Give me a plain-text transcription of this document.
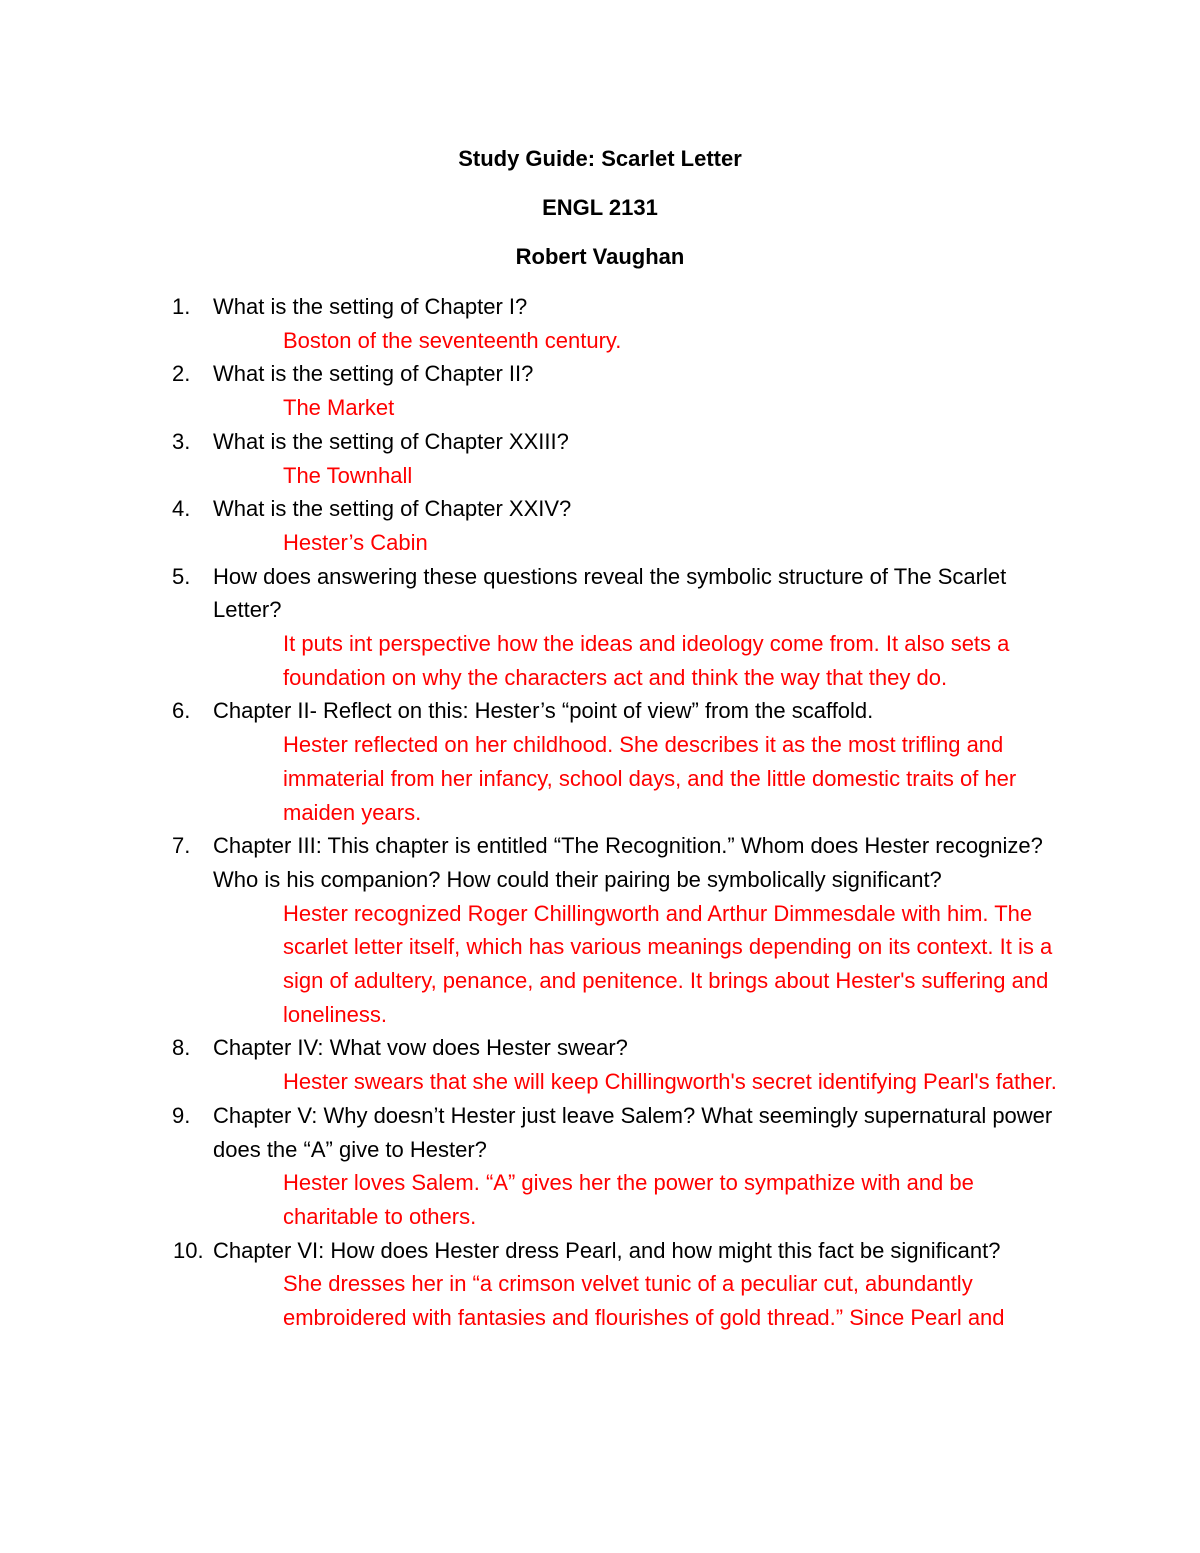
Study Guide: Scarlet Letter
ENGL 2131
Robert Vaughan
1.	What is the setting of Chapter I?
Boston of the seventeenth century.
2.	What is the setting of Chapter II?
The Market
3.	What is the setting of Chapter XXIII?
The Townhall
4.	What is the setting of Chapter XXIV?
Hester’s Cabin
5.	How does answering these questions reveal the symbolic structure of The Scarlet Letter?
It puts int perspective how the ideas and ideology come from. It also sets a foundation on why the characters act and think the way that they do.
6.	Chapter II- Reflect on this: Hester’s “point of view” from the scaffold.
Hester reflected on her childhood. She describes it as the most trifling and immaterial from her infancy, school days, and the little domestic traits of her maiden years.
7.	Chapter III: This chapter is entitled “The Recognition.” Whom does Hester recognize? Who is his companion? How could their pairing be symbolically significant?
Hester recognized Roger Chillingworth and Arthur Dimmesdale with him. The scarlet letter itself, which has various meanings depending on its context. It is a sign of adultery, penance, and penitence. It brings about Hester's suffering and loneliness.
8.	Chapter IV: What vow does Hester swear?
Hester swears that she will keep Chillingworth's secret identifying Pearl's father.
9.	Chapter V: Why doesn’t Hester just leave Salem? What seemingly supernatural power does the “A” give to Hester?
Hester loves Salem. “A” gives her the power to sympathize with and be charitable to others.
10. Chapter VI: How does Hester dress Pearl, and how might this fact be significant?
She dresses her in “a crimson velvet tunic of a peculiar cut, abundantly embroidered with fantasies and flourishes of gold thread.” Since Pearl and
